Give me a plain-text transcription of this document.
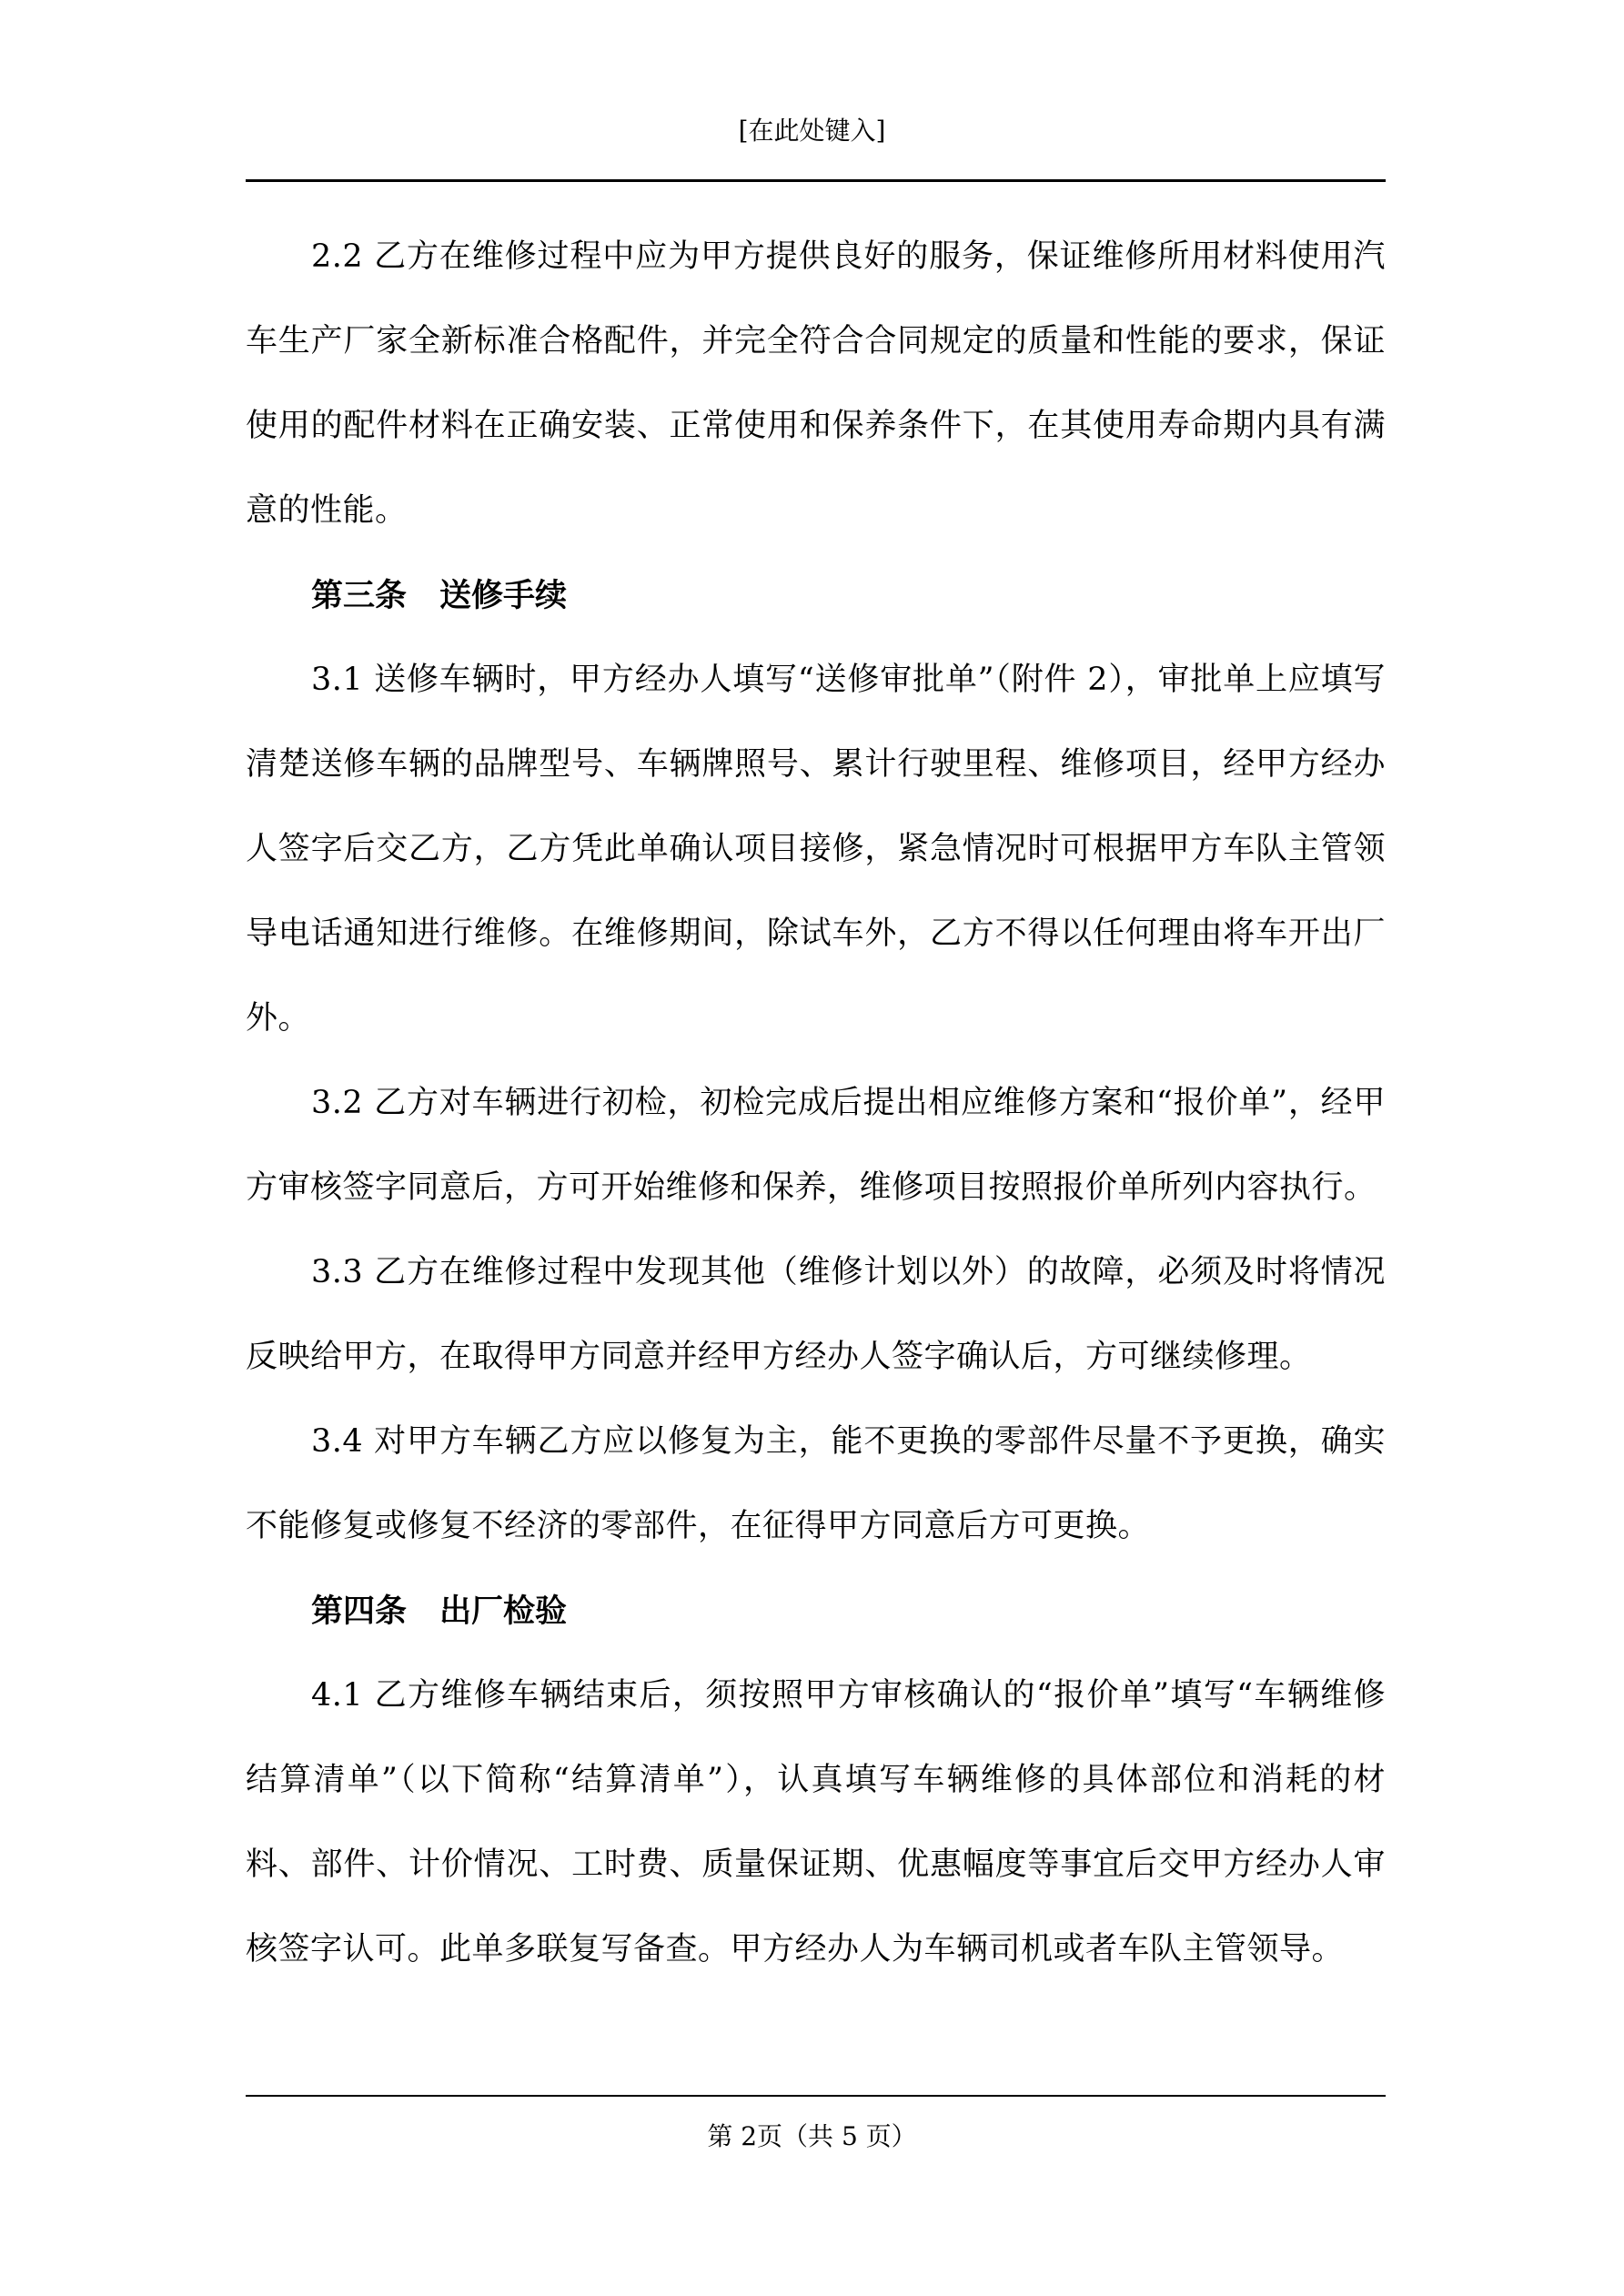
[在此处键入]

2.2 乙方在维修过程中应为甲方提供良好的服务，保证维修所用材料使用汽车生产厂家全新标准合格配件，并完全符合合同规定的质量和性能的要求，保证使用的配件材料在正确安装、正常使用和保养条件下，在其使用寿命期内具有满意的性能。

第三条 送修手续

3.1 送修车辆时，甲方经办人填写“送修审批单”（附件 2），审批单上应填写清楚送修车辆的品牌型号、车辆牌照号、累计行驶里程、维修项目，经甲方经办人签字后交乙方，乙方凭此单确认项目接修，紧急情况时可根据甲方车队主管领导电话通知进行维修。在维修期间，除试车外，乙方不得以任何理由将车开出厂外。

3.2 乙方对车辆进行初检，初检完成后提出相应维修方案和“报价单”，经甲方审核签字同意后，方可开始维修和保养，维修项目按照报价单所列内容执行。

3.3 乙方在维修过程中发现其他（维修计划以外）的故障，必须及时将情况反映给甲方，在取得甲方同意并经甲方经办人签字确认后，方可继续修理。

3.4 对甲方车辆乙方应以修复为主，能不更换的零部件尽量不予更换，确实不能修复或修复不经济的零部件，在征得甲方同意后方可更换。

第四条 出厂检验

4.1 乙方维修车辆结束后，须按照甲方审核确认的“报价单”填写“车辆维修结算清单”（以下简称“结算清单”），认真填写车辆维修的具体部位和消耗的材料、部件、计价情况、工时费、质量保证期、优惠幅度等事宜后交甲方经办人审核签字认可。此单多联复写备查。甲方经办人为车辆司机或者车队主管领导。

第 2页（共 5 页）
